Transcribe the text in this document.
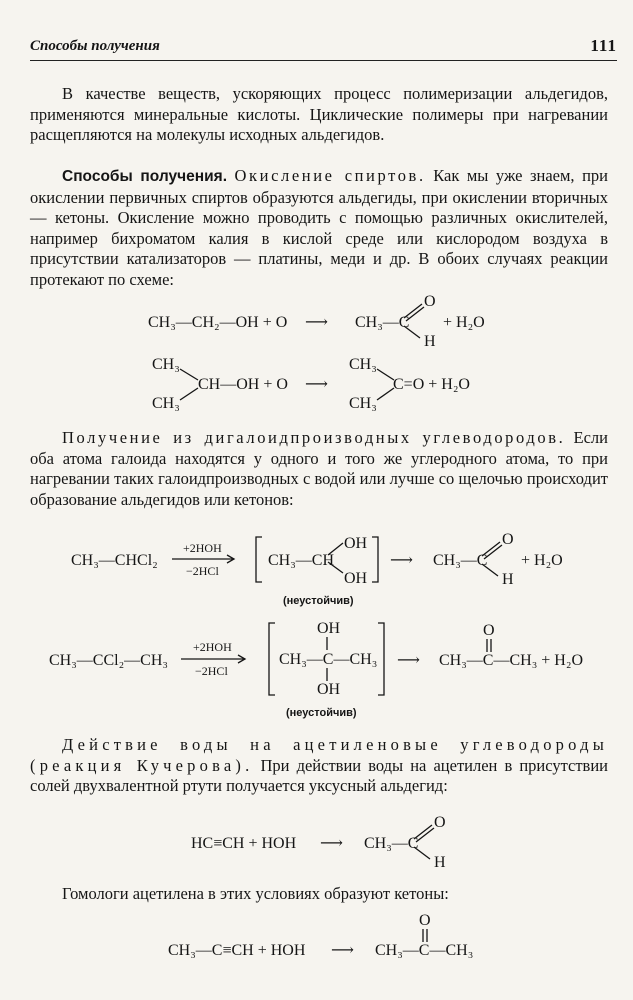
Способы получения	111

В качестве веществ, ускоряющих процесс полимеризации альдегидов, применяются минеральные кислоты. Циклические полимеры при нагревании расщепляются на молекулы исходных альдегидов.

Способы получения. Окисление спиртов. Как мы уже знаем, при окислении первичных спиртов образуются альдегиды, при окислении вторичных — кетоны. Окисление можно проводить с помощью различных окислителей, например бихроматом калия в кислой среде или кислородом воздуха в присутствии катализаторов — платины, меди и др. В обоих случаях реакции протекают по схеме:

CH₃—CH₂—OH + O ⟶ CH₃—C
O
H
+ H₂O
CH₃
CH₃
CH—OH + O ⟶
CH₃
CH₃
C=O + H₂O

Получение из дигалоидпроизводных углеводородов. Если оба атома галоида находятся у одного и того же углеродного атома, то при нагревании таких галоидпроизводных с водой или лучше со щелочью происходит образование альдегидов или кетонов:

CH₃—CHCl₂
+2HOH
−2HCl
CH₃—CH
OH
OH
(неустойчив)
⟶ CH₃—C
O
H
+ H₂O
CH₃—CCl₂—CH₃
+2HOH
−2HCl
OH
CH₃—C—CH₃
OH
(неустойчив)
⟶
O
CH₃—C—CH₃ + H₂O

Действие воды на ацетиленовые углеводороды (реакция Кучерова). При действии воды на ацетилен в присутствии солей двухвалентной ртути получается уксусный альдегид:

HC≡CH + HOH ⟶ CH₃—C
O
H

Гомологи ацетилена в этих условиях образуют кетоны:

CH₃—C≡CH + HOH ⟶
O
CH₃—C—CH₃
